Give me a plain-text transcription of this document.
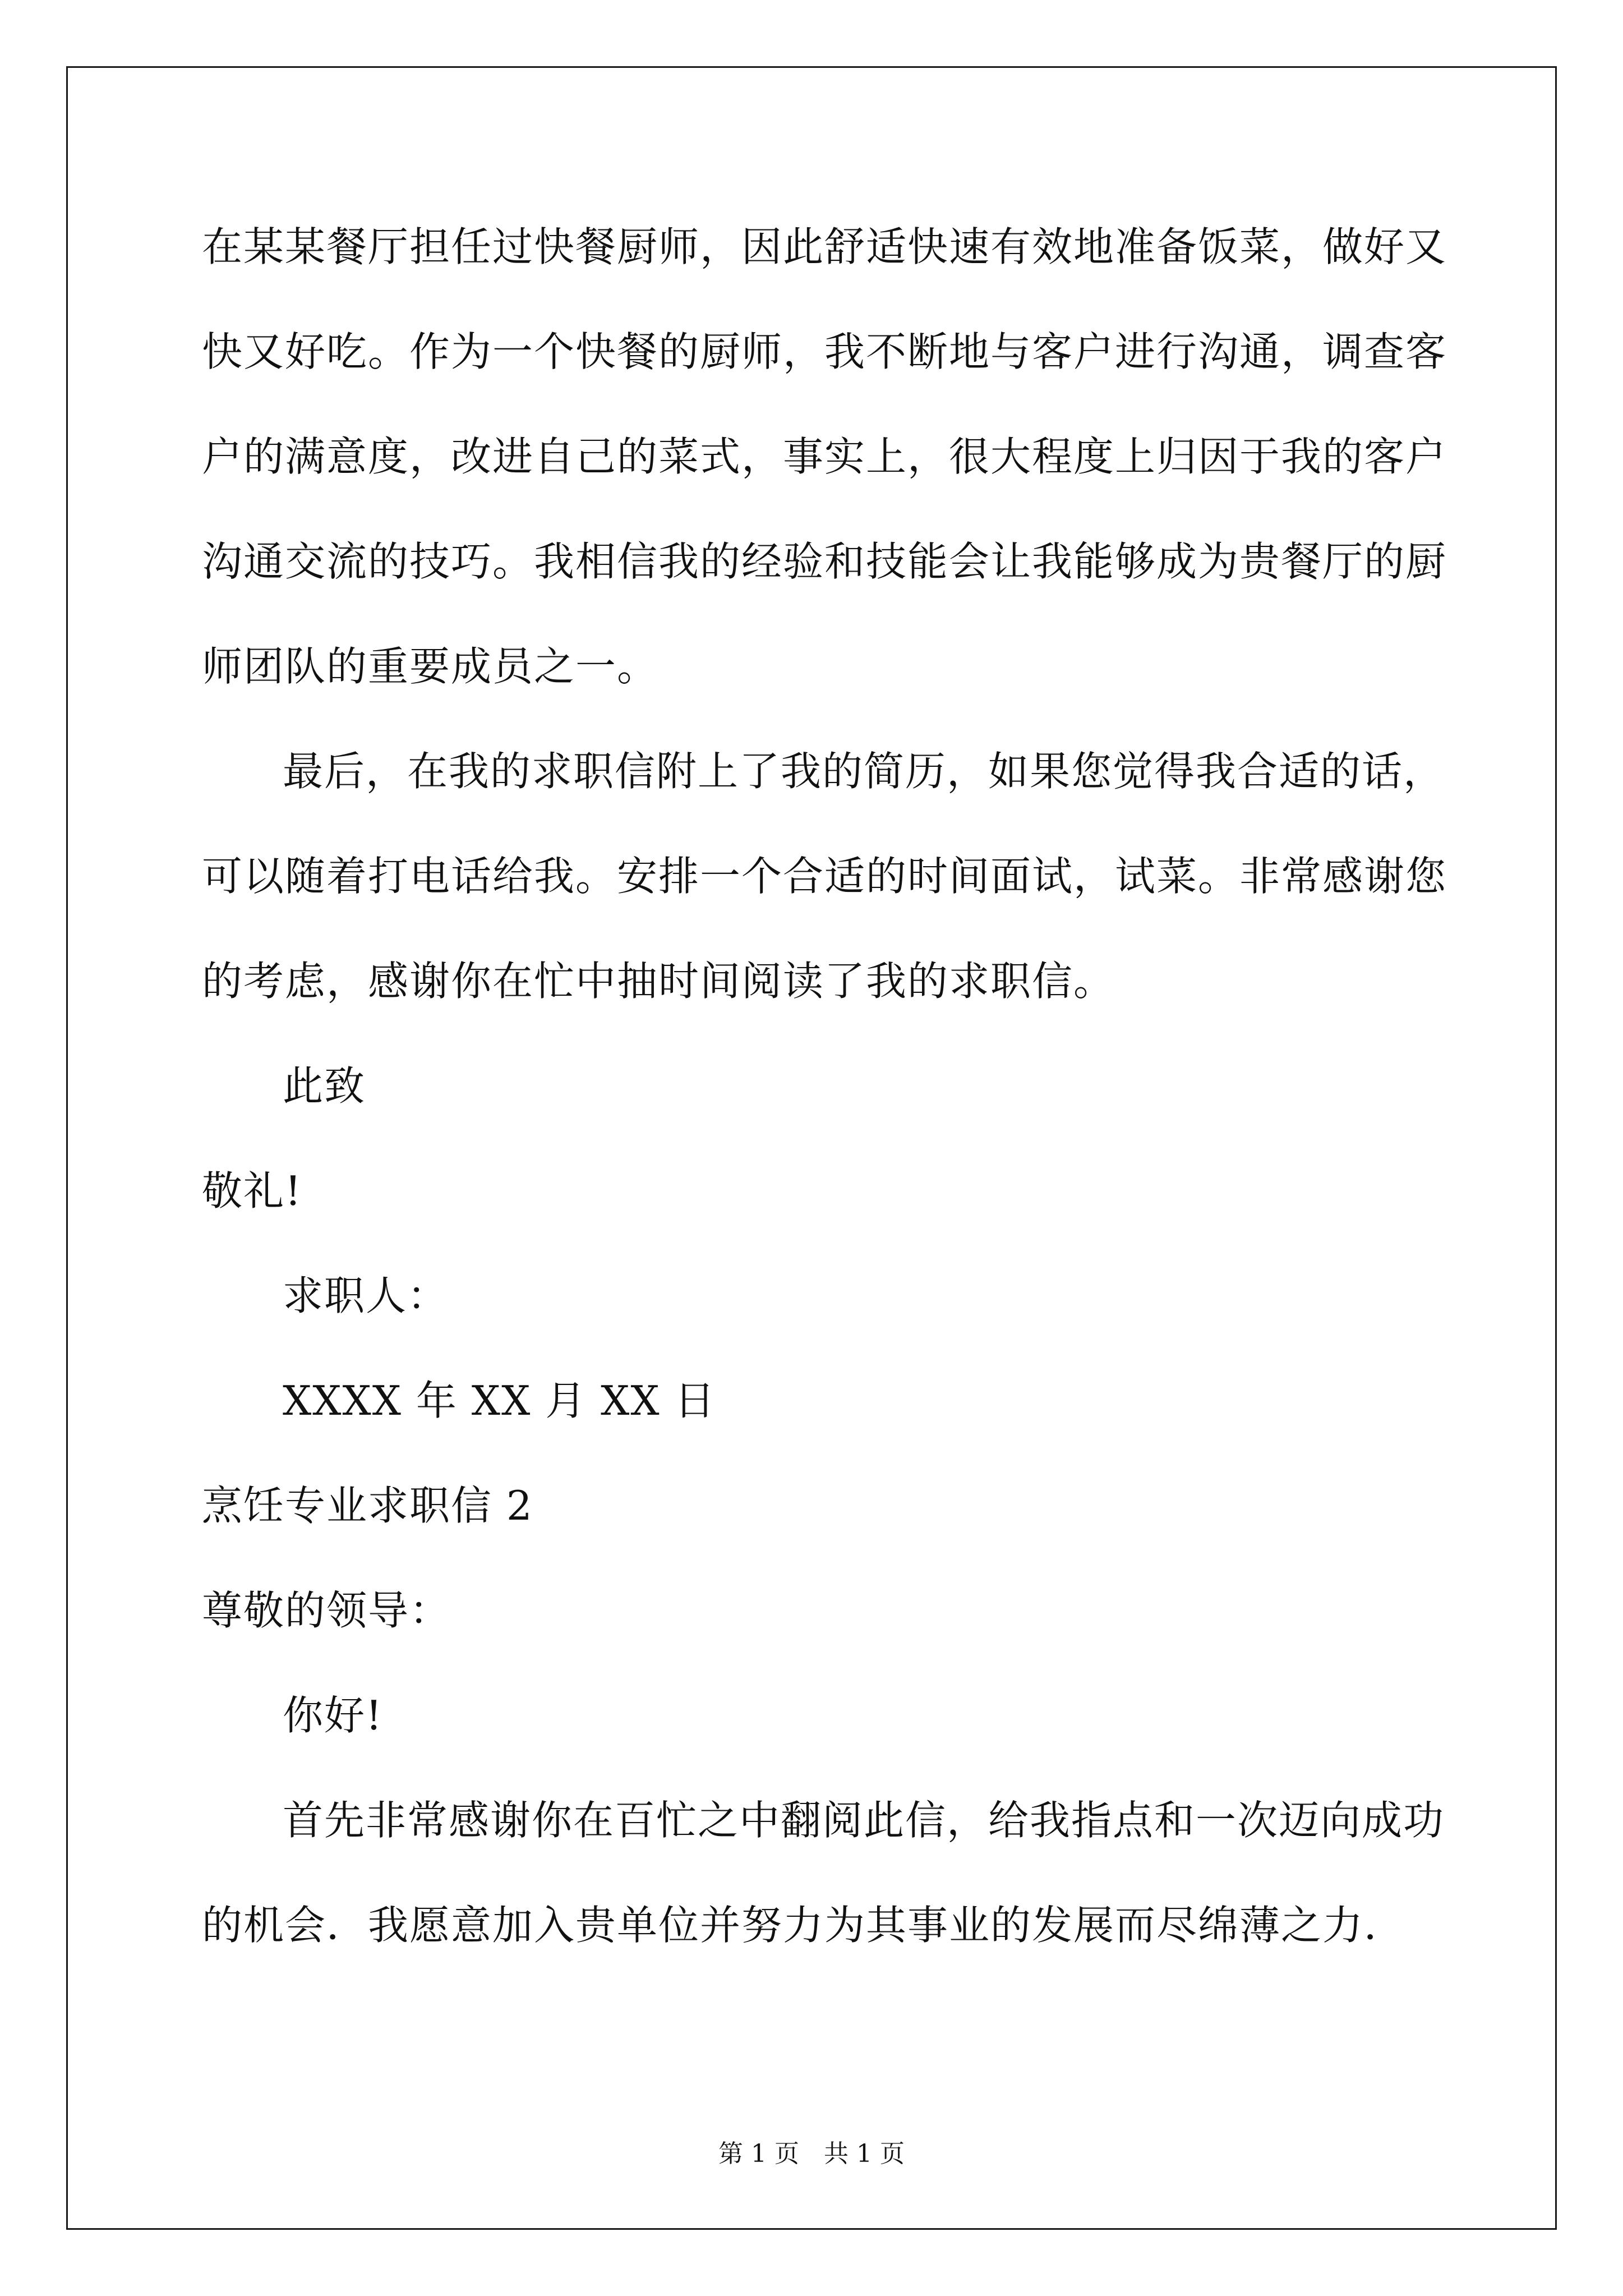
在某某餐厅担任过快餐厨师，因此舒适快速有效地准备饭菜，做好又
快又好吃。作为一个快餐的厨师，我不断地与客户进行沟通，调查客
户的满意度，改进自己的菜式，事实上，很大程度上归因于我的客户
沟通交流的技巧。我相信我的经验和技能会让我能够成为贵餐厅的厨
师团队的重要成员之一。
最后，在我的求职信附上了我的简历，如果您觉得我合适的话，
可以随着打电话给我。安排一个合适的时间面试，试菜。非常感谢您
的考虑，感谢你在忙中抽时间阅读了我的求职信。
此致
敬礼!
求职人：
XXXX 年 XX 月 XX 日
烹饪专业求职信 2
尊敬的领导：
你好!
首先非常感谢你在百忙之中翻阅此信，给我指点和一次迈向成功
的机会．我愿意加入贵单位并努力为其事业的发展而尽绵薄之力．
第 1 页　共 1 页
